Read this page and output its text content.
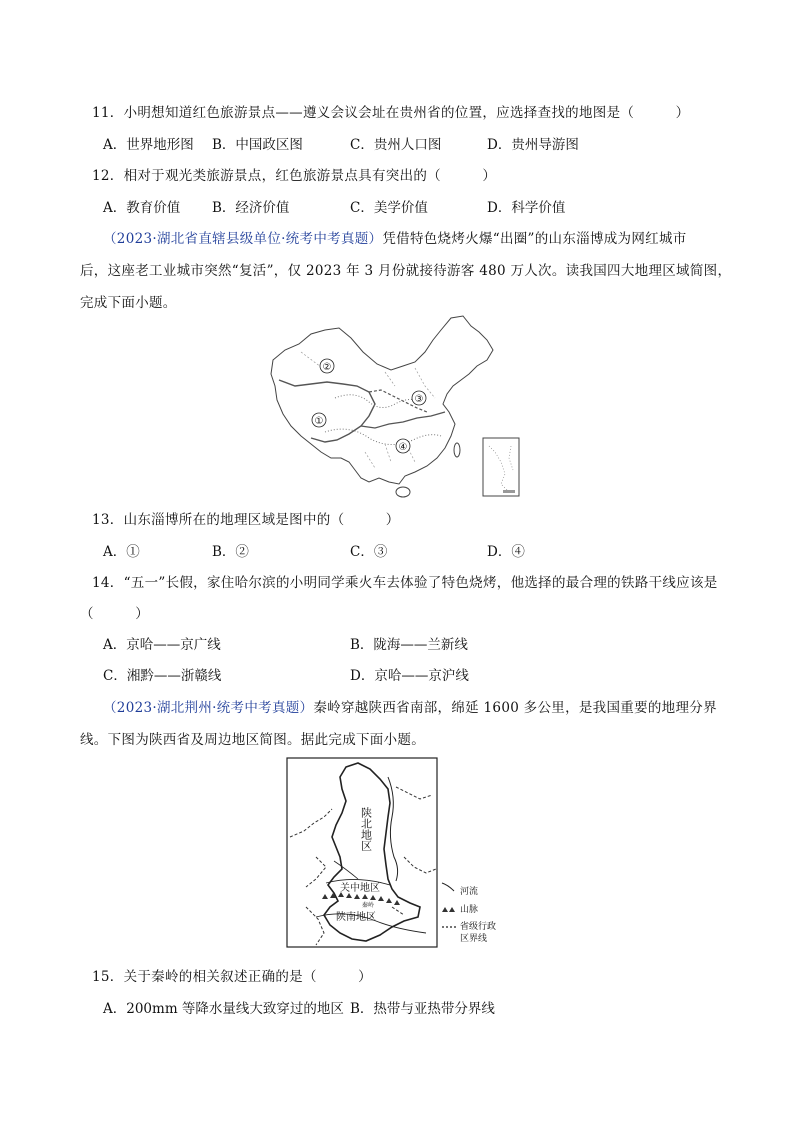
11．小明想知道红色旅游景点——遵义会议会址在贵州省的位置，应选择查找的地图是（　　　）
A．世界地形图 B．中国政区图	C．贵州人口图	D．贵州导游图
12．相对于观光类旅游景点，红色旅游景点具有突出的（　　　）
A．教育价值 B．经济价值	C．美学价值	D．科学价值
（2023·湖北省直辖县级单位·统考中考真题）凭借特色烧烤火爆“出圈”的山东淄博成为网红城市
后，这座老工业城市突然“复活”，仅 2023 年 3 月份就接待游客 480 万人次。读我国四大地理区域简图，
完成下面小题。
②
①
③
④
13．山东淄博所在的地理区域是图中的（　　　）
A．①	B．②	C．③	D．④
14．“五一”长假，家住哈尔滨的小明同学乘火车去体验了特色烧烤，他选择的最合理的铁路干线应该是
（　　　）
A．京哈——京广线	B．陇海——兰新线
C．湘黔——浙赣线	D．京哈——京沪线
（2023·湖北荆州·统考中考真题）秦岭穿越陕西省南部，绵延 1600 多公里，是我国重要的地理分界
线。下图为陕西省及周边地区简图。据此完成下面小题。
陕北地区
关中地区
秦岭
陕南地区
河流
山脉
省级行政
区界线
15．关于秦岭的相关叙述正确的是（　　　）
A．200mm 等降水量线大致穿过的地区 B．热带与亚热带分界线
